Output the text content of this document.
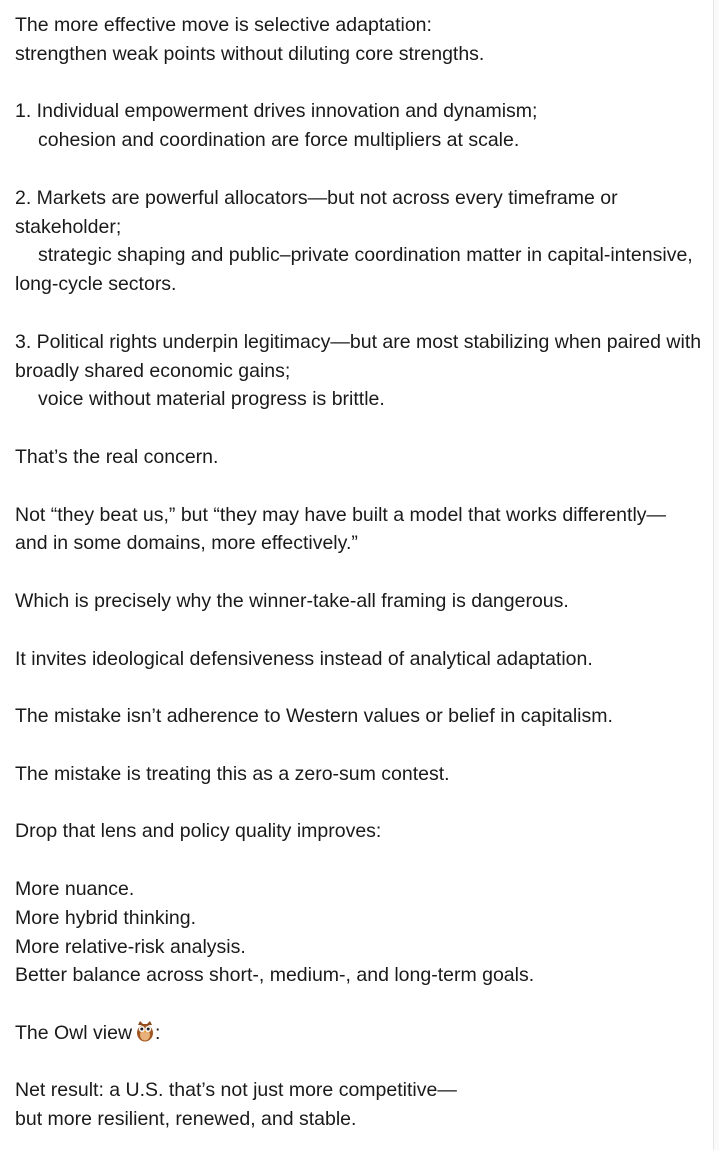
The more effective move is selective adaptation:
strengthen weak points without diluting core strengths.

1. Individual empowerment drives innovation and dynamism;
cohesion and coordination are force multipliers at scale.

2. Markets are powerful allocators—but not across every timeframe or stakeholder;
strategic shaping and public–private coordination matter in capital-intensive, long-cycle sectors.

3. Political rights underpin legitimacy—but are most stabilizing when paired with broadly shared economic gains;
voice without material progress is brittle.

That’s the real concern.

Not “they beat us,” but “they may have built a model that works differently—and in some domains, more effectively.”

Which is precisely why the winner-take-all framing is dangerous.

It invites ideological defensiveness instead of analytical adaptation.

The mistake isn’t adherence to Western values or belief in capitalism.

The mistake is treating this as a zero-sum contest.

Drop that lens and policy quality improves:

More nuance.
More hybrid thinking.
More relative-risk analysis.
Better balance across short-, medium-, and long-term goals.

The Owl view :

Net result: a U.S. that’s not just more competitive—
but more resilient, renewed, and stable.
